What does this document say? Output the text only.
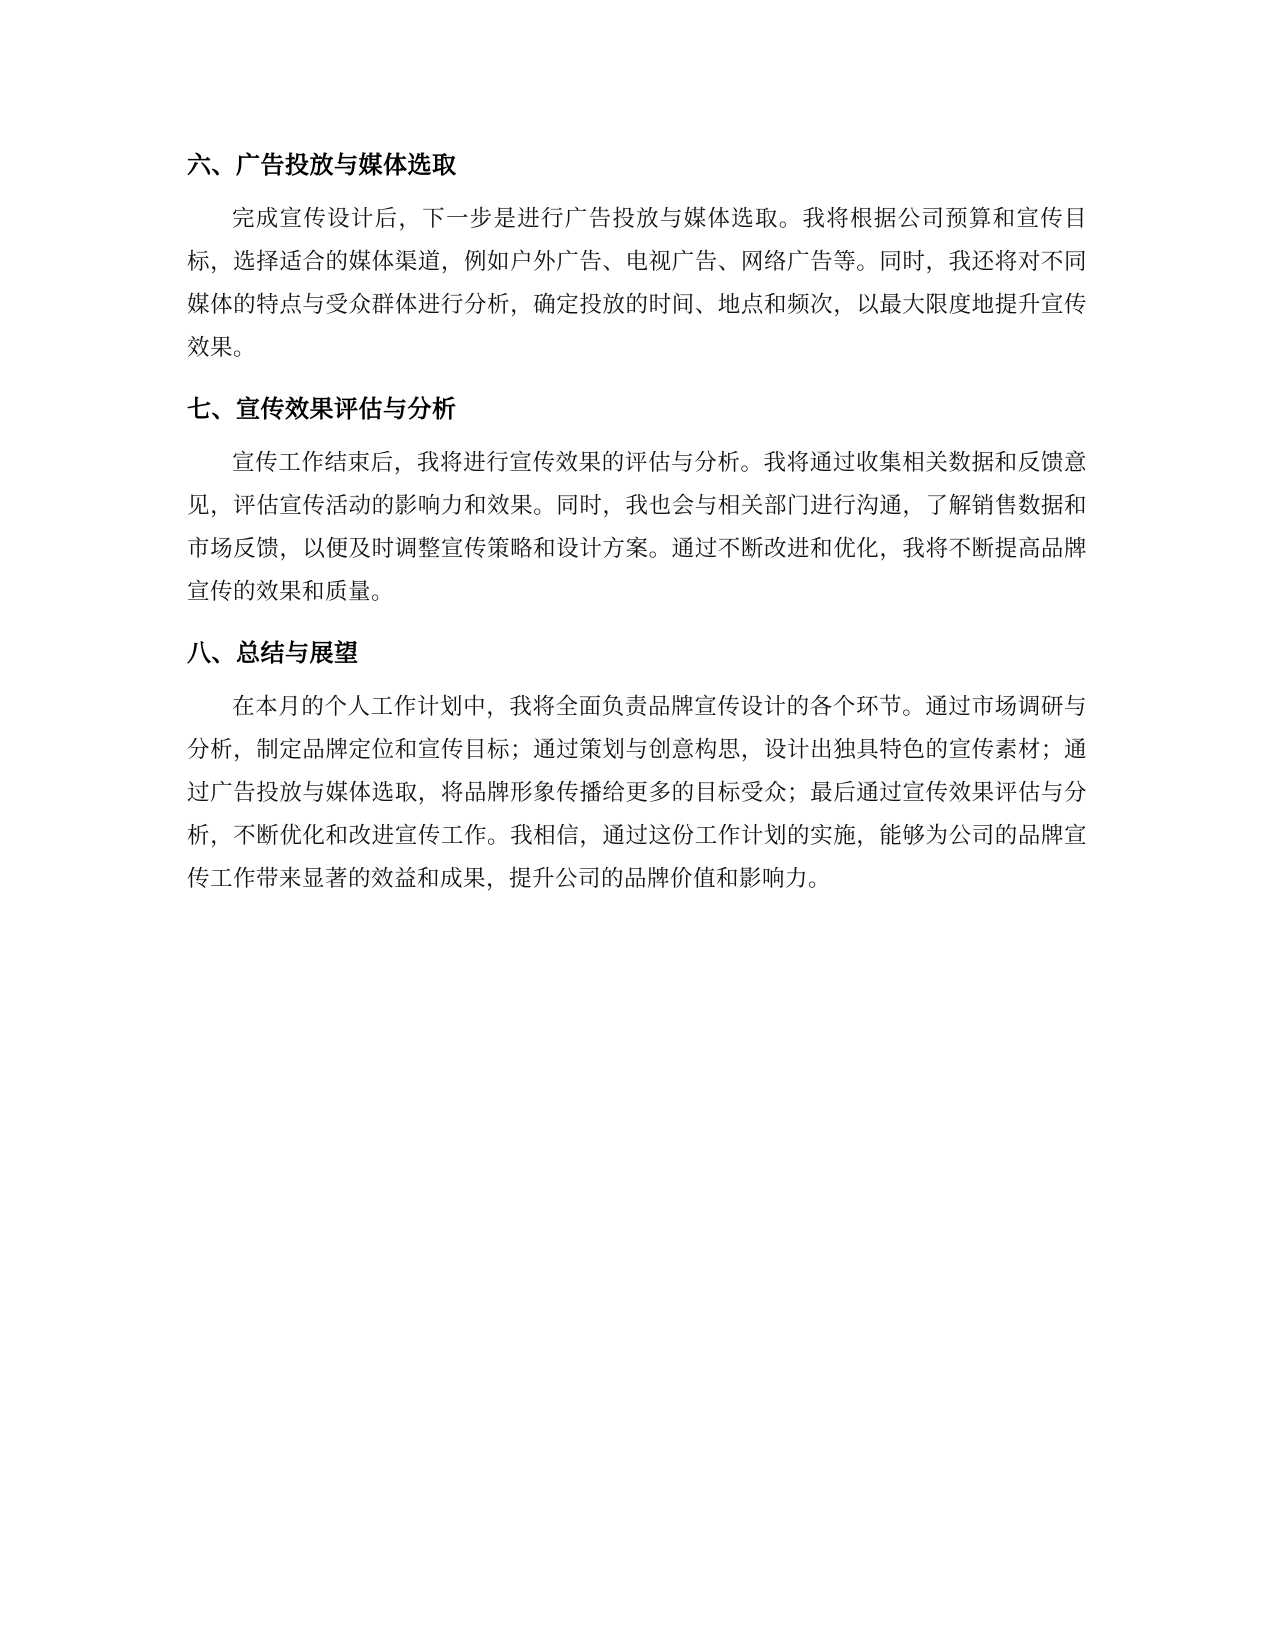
六、广告投放与媒体选取

完成宣传设计后，下一步是进行广告投放与媒体选取。我将根据公司预算和宣传目标，选择适合的媒体渠道，例如户外广告、电视广告、网络广告等。同时，我还将对不同媒体的特点与受众群体进行分析，确定投放的时间、地点和频次，以最大限度地提升宣传效果。

七、宣传效果评估与分析

宣传工作结束后，我将进行宣传效果的评估与分析。我将通过收集相关数据和反馈意见，评估宣传活动的影响力和效果。同时，我也会与相关部门进行沟通，了解销售数据和市场反馈，以便及时调整宣传策略和设计方案。通过不断改进和优化，我将不断提高品牌宣传的效果和质量。

八、总结与展望

在本月的个人工作计划中，我将全面负责品牌宣传设计的各个环节。通过市场调研与分析，制定品牌定位和宣传目标；通过策划与创意构思，设计出独具特色的宣传素材；通过广告投放与媒体选取，将品牌形象传播给更多的目标受众；最后通过宣传效果评估与分析，不断优化和改进宣传工作。我相信，通过这份工作计划的实施，能够为公司的品牌宣传工作带来显著的效益和成果，提升公司的品牌价值和影响力。
